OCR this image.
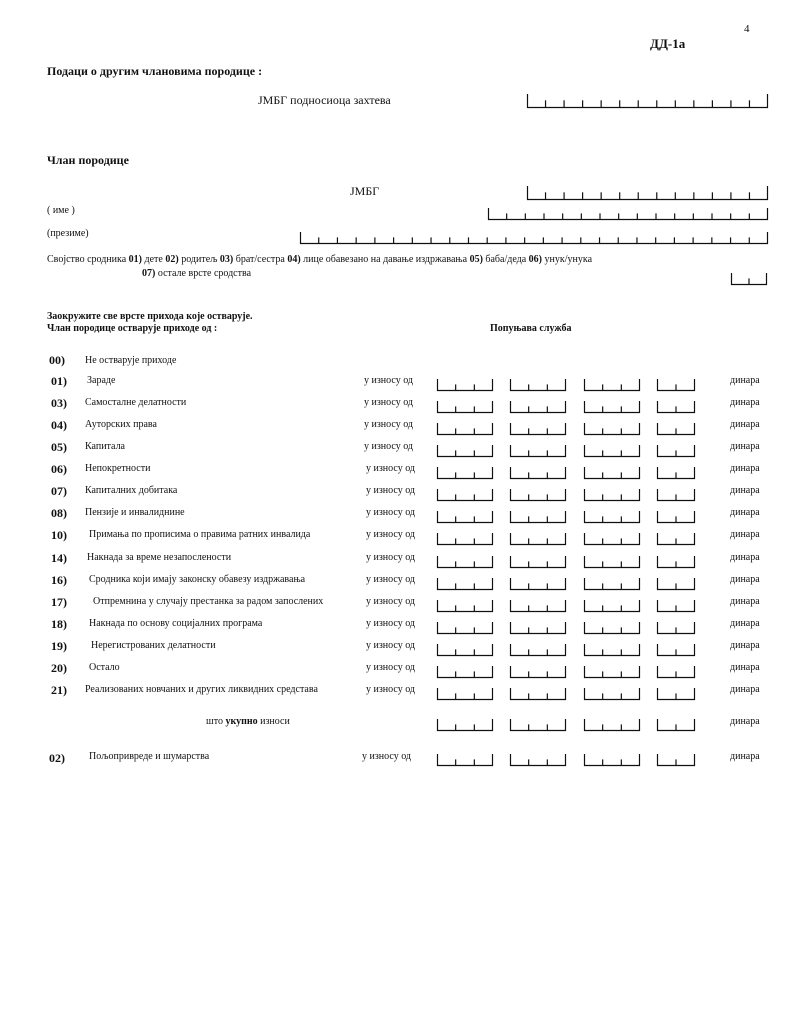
4
ДД-1а
Подаци о другим члановима породице :
ЈМБГ подносиоца захтева
Члан породице
ЈМБГ
( име )
(презиме)
Својство сродника 01) дете 02) родитељ 03) брат/сестра 04) лице обавезано на давање издржавања 05) баба/деда 06) унук/унука
07) остале врсте сродства
Заокружите све врсте прихода које остварује.
Члан породице остварује приходе од :	Попуњава служба
00) Не остварује приходе
01) Зараде	у износу од	динара
03) Самосталне делатности	у износу од	динара
04) Ауторских права	у износу од	динара
05) Капитала	у износу од	динара
06) Непокретности	у износу од	динара
07) Капиталних добитака	у износу од	динара
08) Пензије и инвалиднине	у износу од	динара
10) Примања по прописима о правима ратних инвалида	у износу од	динара
14) Накнада за време незапослености	у износу од	динара
16) Сродника који имају законску обавезу издржавања	у износу од	динара
17)	Отпремнина у случају престанка за радом запослених	у износу од	динара
18) Накнада по основу социјалних програма	у износу од	динара
19) Нерегистрованих делатности	у износу од	динара
20) Остало	у износу од	динара
21) Реализованих новчаних и других ликвидних средстава	у износу од	динара
што укупно износи	динара
02) Пољопривреде и шумарства	у износу од	динара
